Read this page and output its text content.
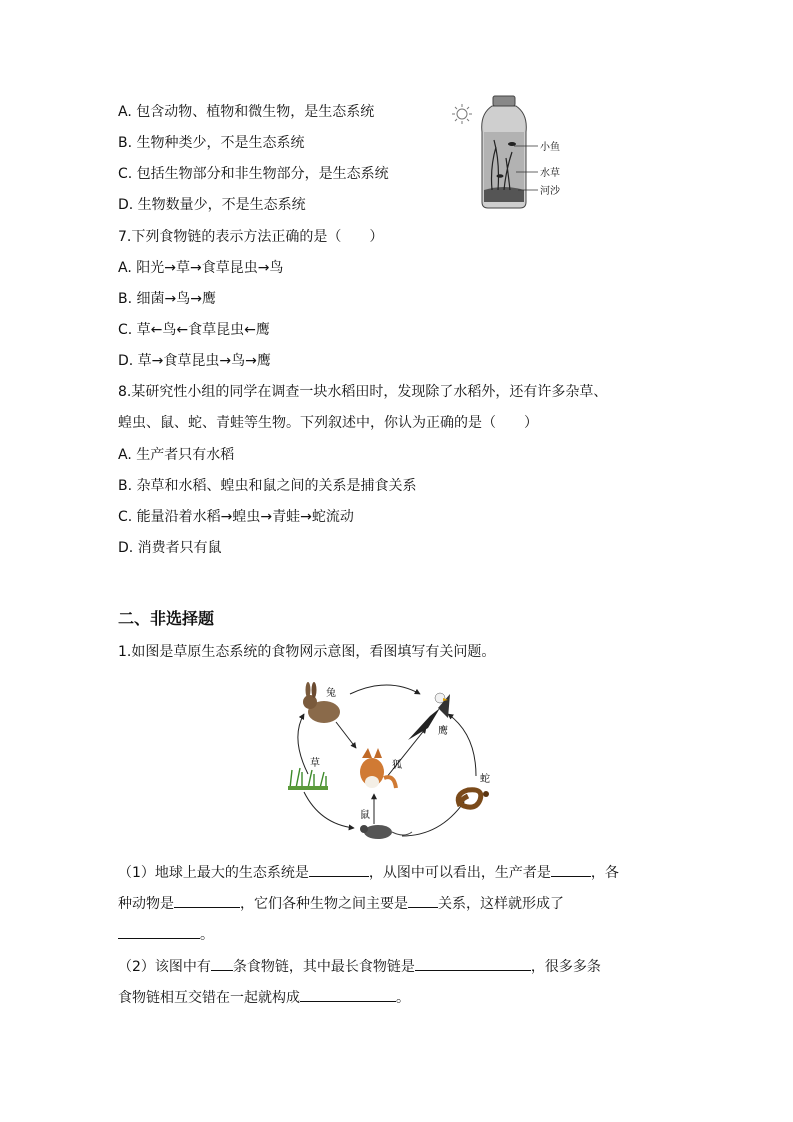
A. 包含动物、植物和微生物，是生态系统
B. 生物种类少，不是生态系统
C. 包括生物部分和非生物部分，是生态系统
D. 生物数量少，不是生态系统
小鱼
水草
河沙
7.下列食物链的表示方法正确的是（　　）
A. 阳光→草→食草昆虫→鸟
B. 细菌→鸟→鹰
C. 草←鸟←食草昆虫←鹰
D. 草→食草昆虫→鸟→鹰
8.某研究性小组的同学在调查一块水稻田时，发现除了水稻外，还有许多杂草、
蝗虫、鼠、蛇、青蛙等生物。下列叙述中，你认为正确的是（　　）
A. 生产者只有水稻
B. 杂草和水稻、蝗虫和鼠之间的关系是捕食关系
C. 能量沿着水稻→蝗虫→青蛙→蛇流动
D. 消费者只有鼠
二、非选择题
1.如图是草原生态系统的食物网示意图，看图填写有关问题。
兔
鹰
草	狐
蛇
鼠
（1）地球上最大的生态系统是	，从图中可以看出，生产者是	，各
种动物是	，它们各种生物之间主要是 关系，这样就形成了
。
（2）该图中有 条食物链，其中最长食物链是	，很多多条
食物链相互交错在一起就构成	。
